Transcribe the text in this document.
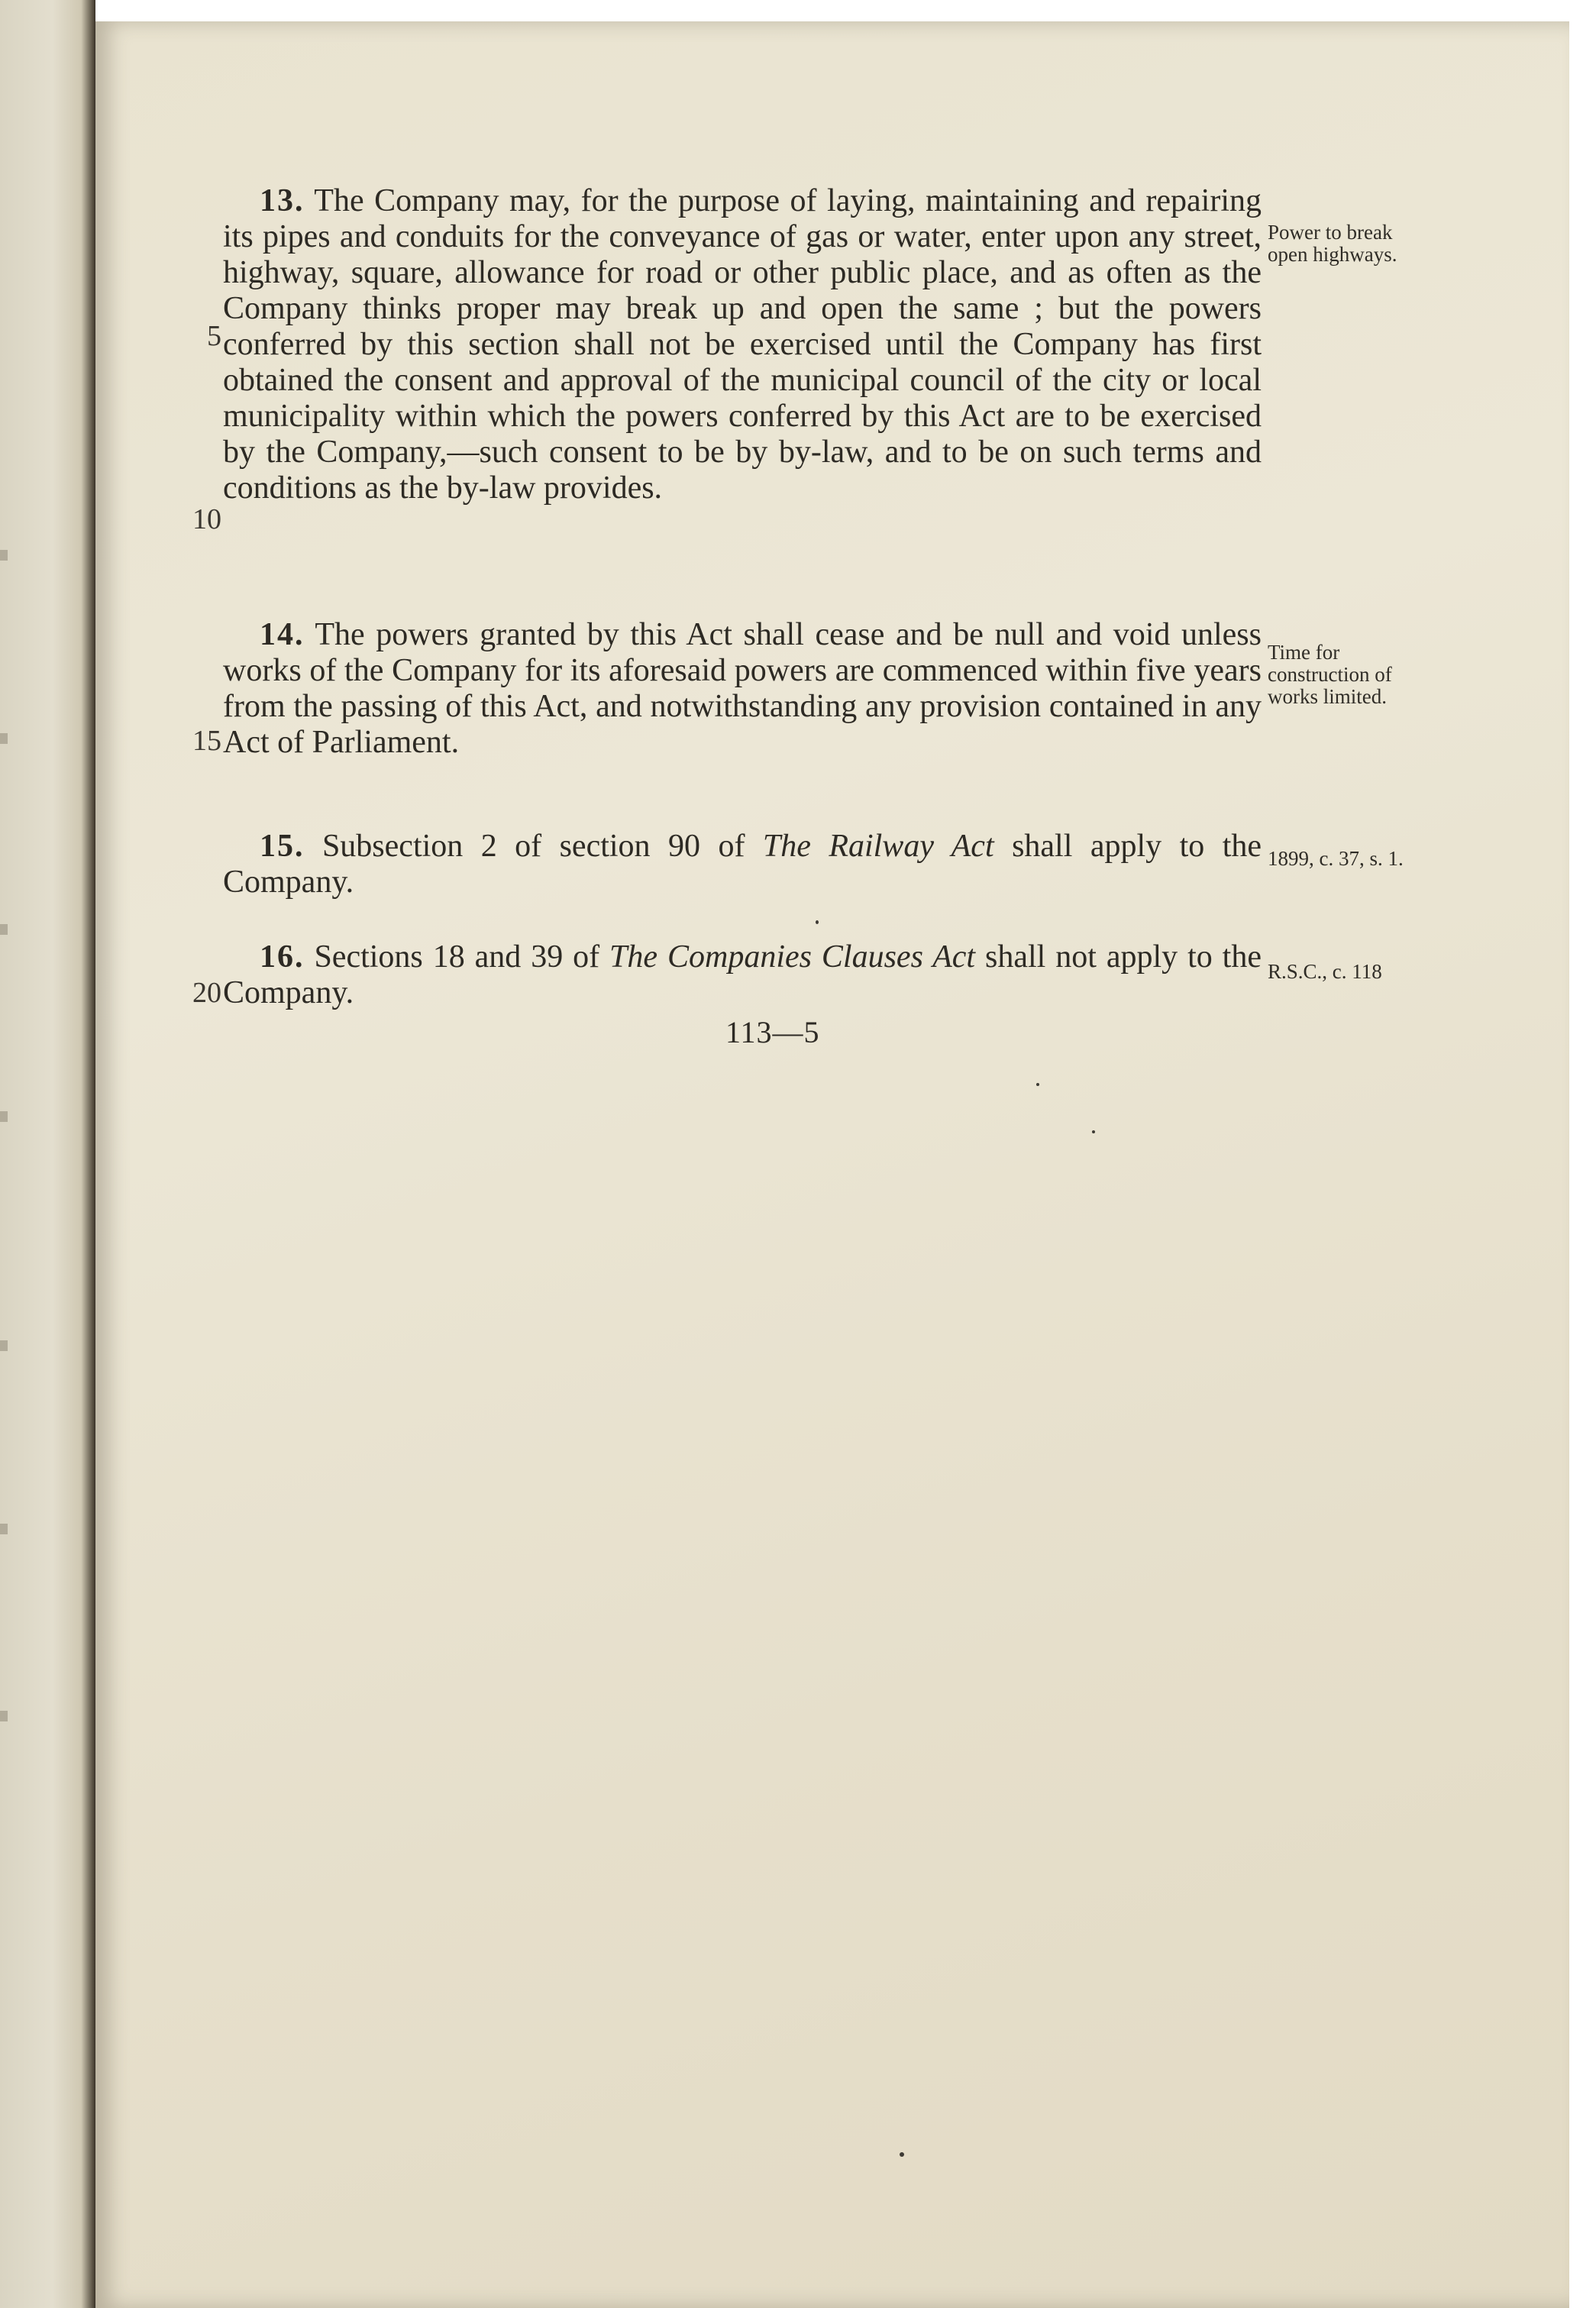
13. The Company may, for the purpose of laying, maintaining and repairing its pipes and conduits for the conveyance of gas or water, enter upon any street, highway, square, allowance for road or other public place, and as often as the Company thinks proper may break up and open the same ; but the powers conferred by this section shall not be exercised until the Company has first obtained the consent and approval of the municipal council of the city or local municipality within which the powers conferred by this Act are to be exercised by the Company,—such consent to be by by-law, and to be on such terms and conditions as the by-law provides.
Power to break open highways.
14. The powers granted by this Act shall cease and be null and void unless works of the Company for its aforesaid powers are commenced within five years from the passing of this Act, and notwithstanding any provision contained in any Act of Parliament.
Time for construction of works limited.
15. Subsection 2 of section 90 of The Railway Act shall apply to the Company.
1899, c. 37, s. 1.
16. Sections 18 and 39 of The Companies Clauses Act shall not apply to the Company.
R.S.C., c. 118
5
10
15
20
113—5
